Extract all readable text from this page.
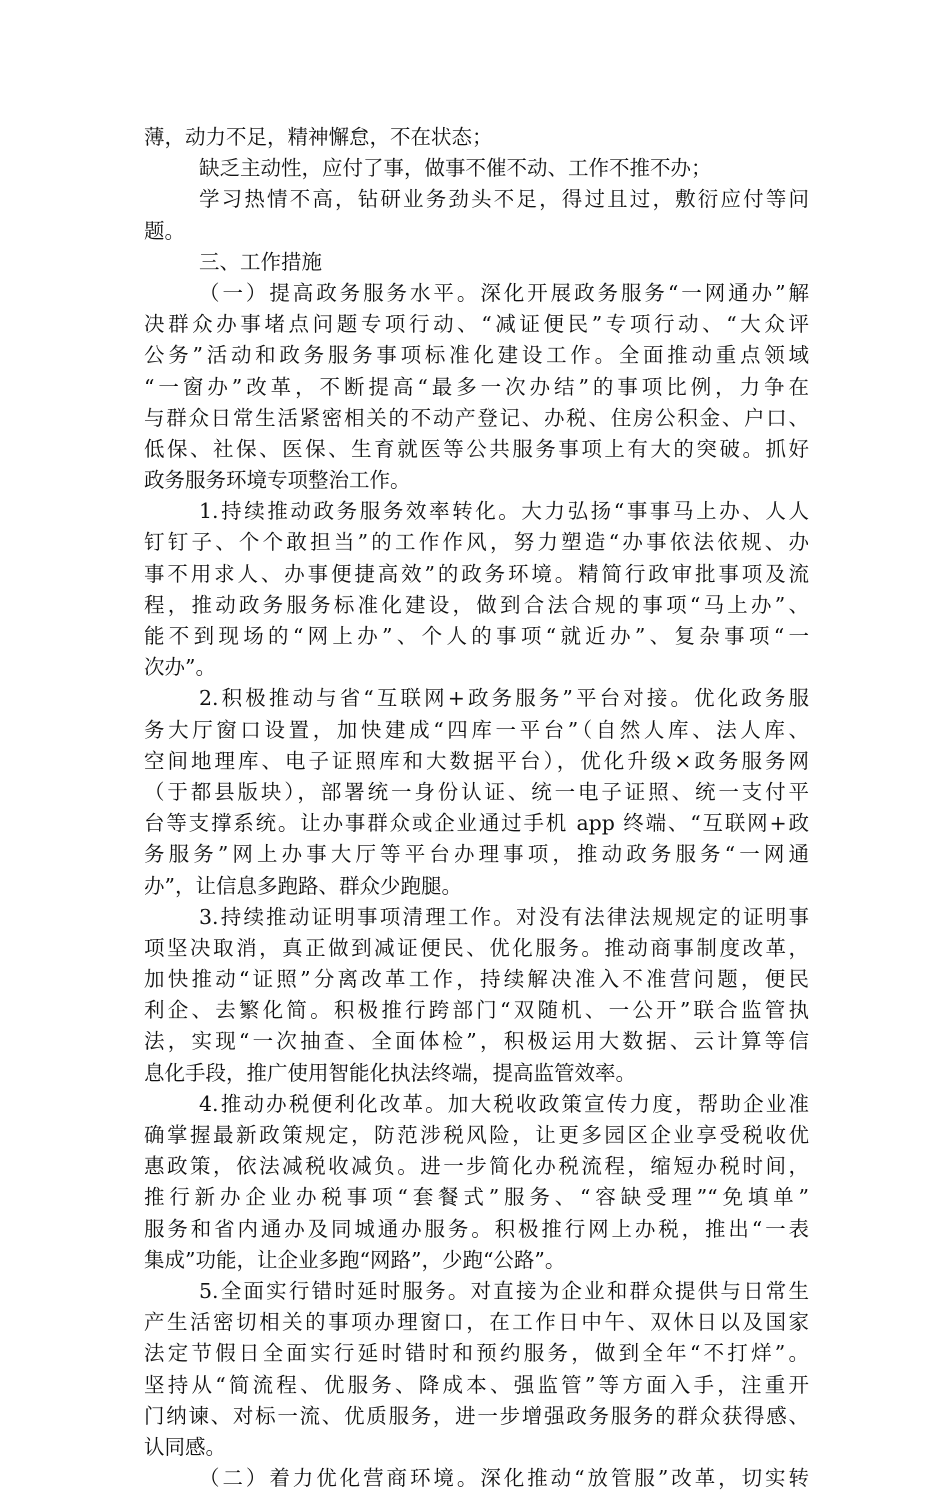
薄，动力不足，精神懈怠，不在状态；
缺乏主动性，应付了事，做事不催不动、工作不推不办；
学习热情不高，钻研业务劲头不足，得过且过，敷衍应付等问
题。
三、工作措施
（一）提高政务服务水平。深化开展政务服务“一网通办”解
决群众办事堵点问题专项行动、“减证便民”专项行动、“大众评
公务”活动和政务服务事项标准化建设工作。全面推动重点领域
“一窗办”改革，不断提高“最多一次办结”的事项比例，力争在
与群众日常生活紧密相关的不动产登记、办税、住房公积金、户口、
低保、社保、医保、生育就医等公共服务事项上有大的突破。抓好
政务服务环境专项整治工作。
1.持续推动政务服务效率转化。大力弘扬“事事马上办、人人
钉钉子、个个敢担当”的工作作风，努力塑造“办事依法依规、办
事不用求人、办事便捷高效”的政务环境。精简行政审批事项及流
程，推动政务服务标准化建设，做到合法合规的事项“马上办”、
能不到现场的“网上办”、个人的事项“就近办”、复杂事项“一
次办”。
2.积极推动与省“互联网+政务服务”平台对接。优化政务服
务大厅窗口设置，加快建成“四库一平台”（自然人库、法人库、
空间地理库、电子证照库和大数据平台），优化升级×政务服务网
（于都县版块），部署统一身份认证、统一电子证照、统一支付平
台等支撑系统。让办事群众或企业通过手机 app 终端、“互联网+政
务服务”网上办事大厅等平台办理事项，推动政务服务“一网通
办”，让信息多跑路、群众少跑腿。
3.持续推动证明事项清理工作。对没有法律法规规定的证明事
项坚决取消，真正做到减证便民、优化服务。推动商事制度改革，
加快推动“证照”分离改革工作，持续解决准入不准营问题，便民
利企、去繁化简。积极推行跨部门“双随机、一公开”联合监管执
法，实现“一次抽查、全面体检”，积极运用大数据、云计算等信
息化手段，推广使用智能化执法终端，提高监管效率。
4.推动办税便利化改革。加大税收政策宣传力度，帮助企业准
确掌握最新政策规定，防范涉税风险，让更多园区企业享受税收优
惠政策，依法减税收减负。进一步简化办税流程，缩短办税时间，
推行新办企业办税事项“套餐式”服务、“容缺受理”“免填单”
服务和省内通办及同城通办服务。积极推行网上办税，推出“一表
集成”功能，让企业多跑“网路”，少跑“公路”。
5.全面实行错时延时服务。对直接为企业和群众提供与日常生
产生活密切相关的事项办理窗口，在工作日中午、双休日以及国家
法定节假日全面实行延时错时和预约服务，做到全年“不打烊”。
坚持从“简流程、优服务、降成本、强监管”等方面入手，注重开
门纳谏、对标一流、优质服务，进一步增强政务服务的群众获得感、
认同感。
（二）着力优化营商环境。深化推动“放管服”改革，切实转
